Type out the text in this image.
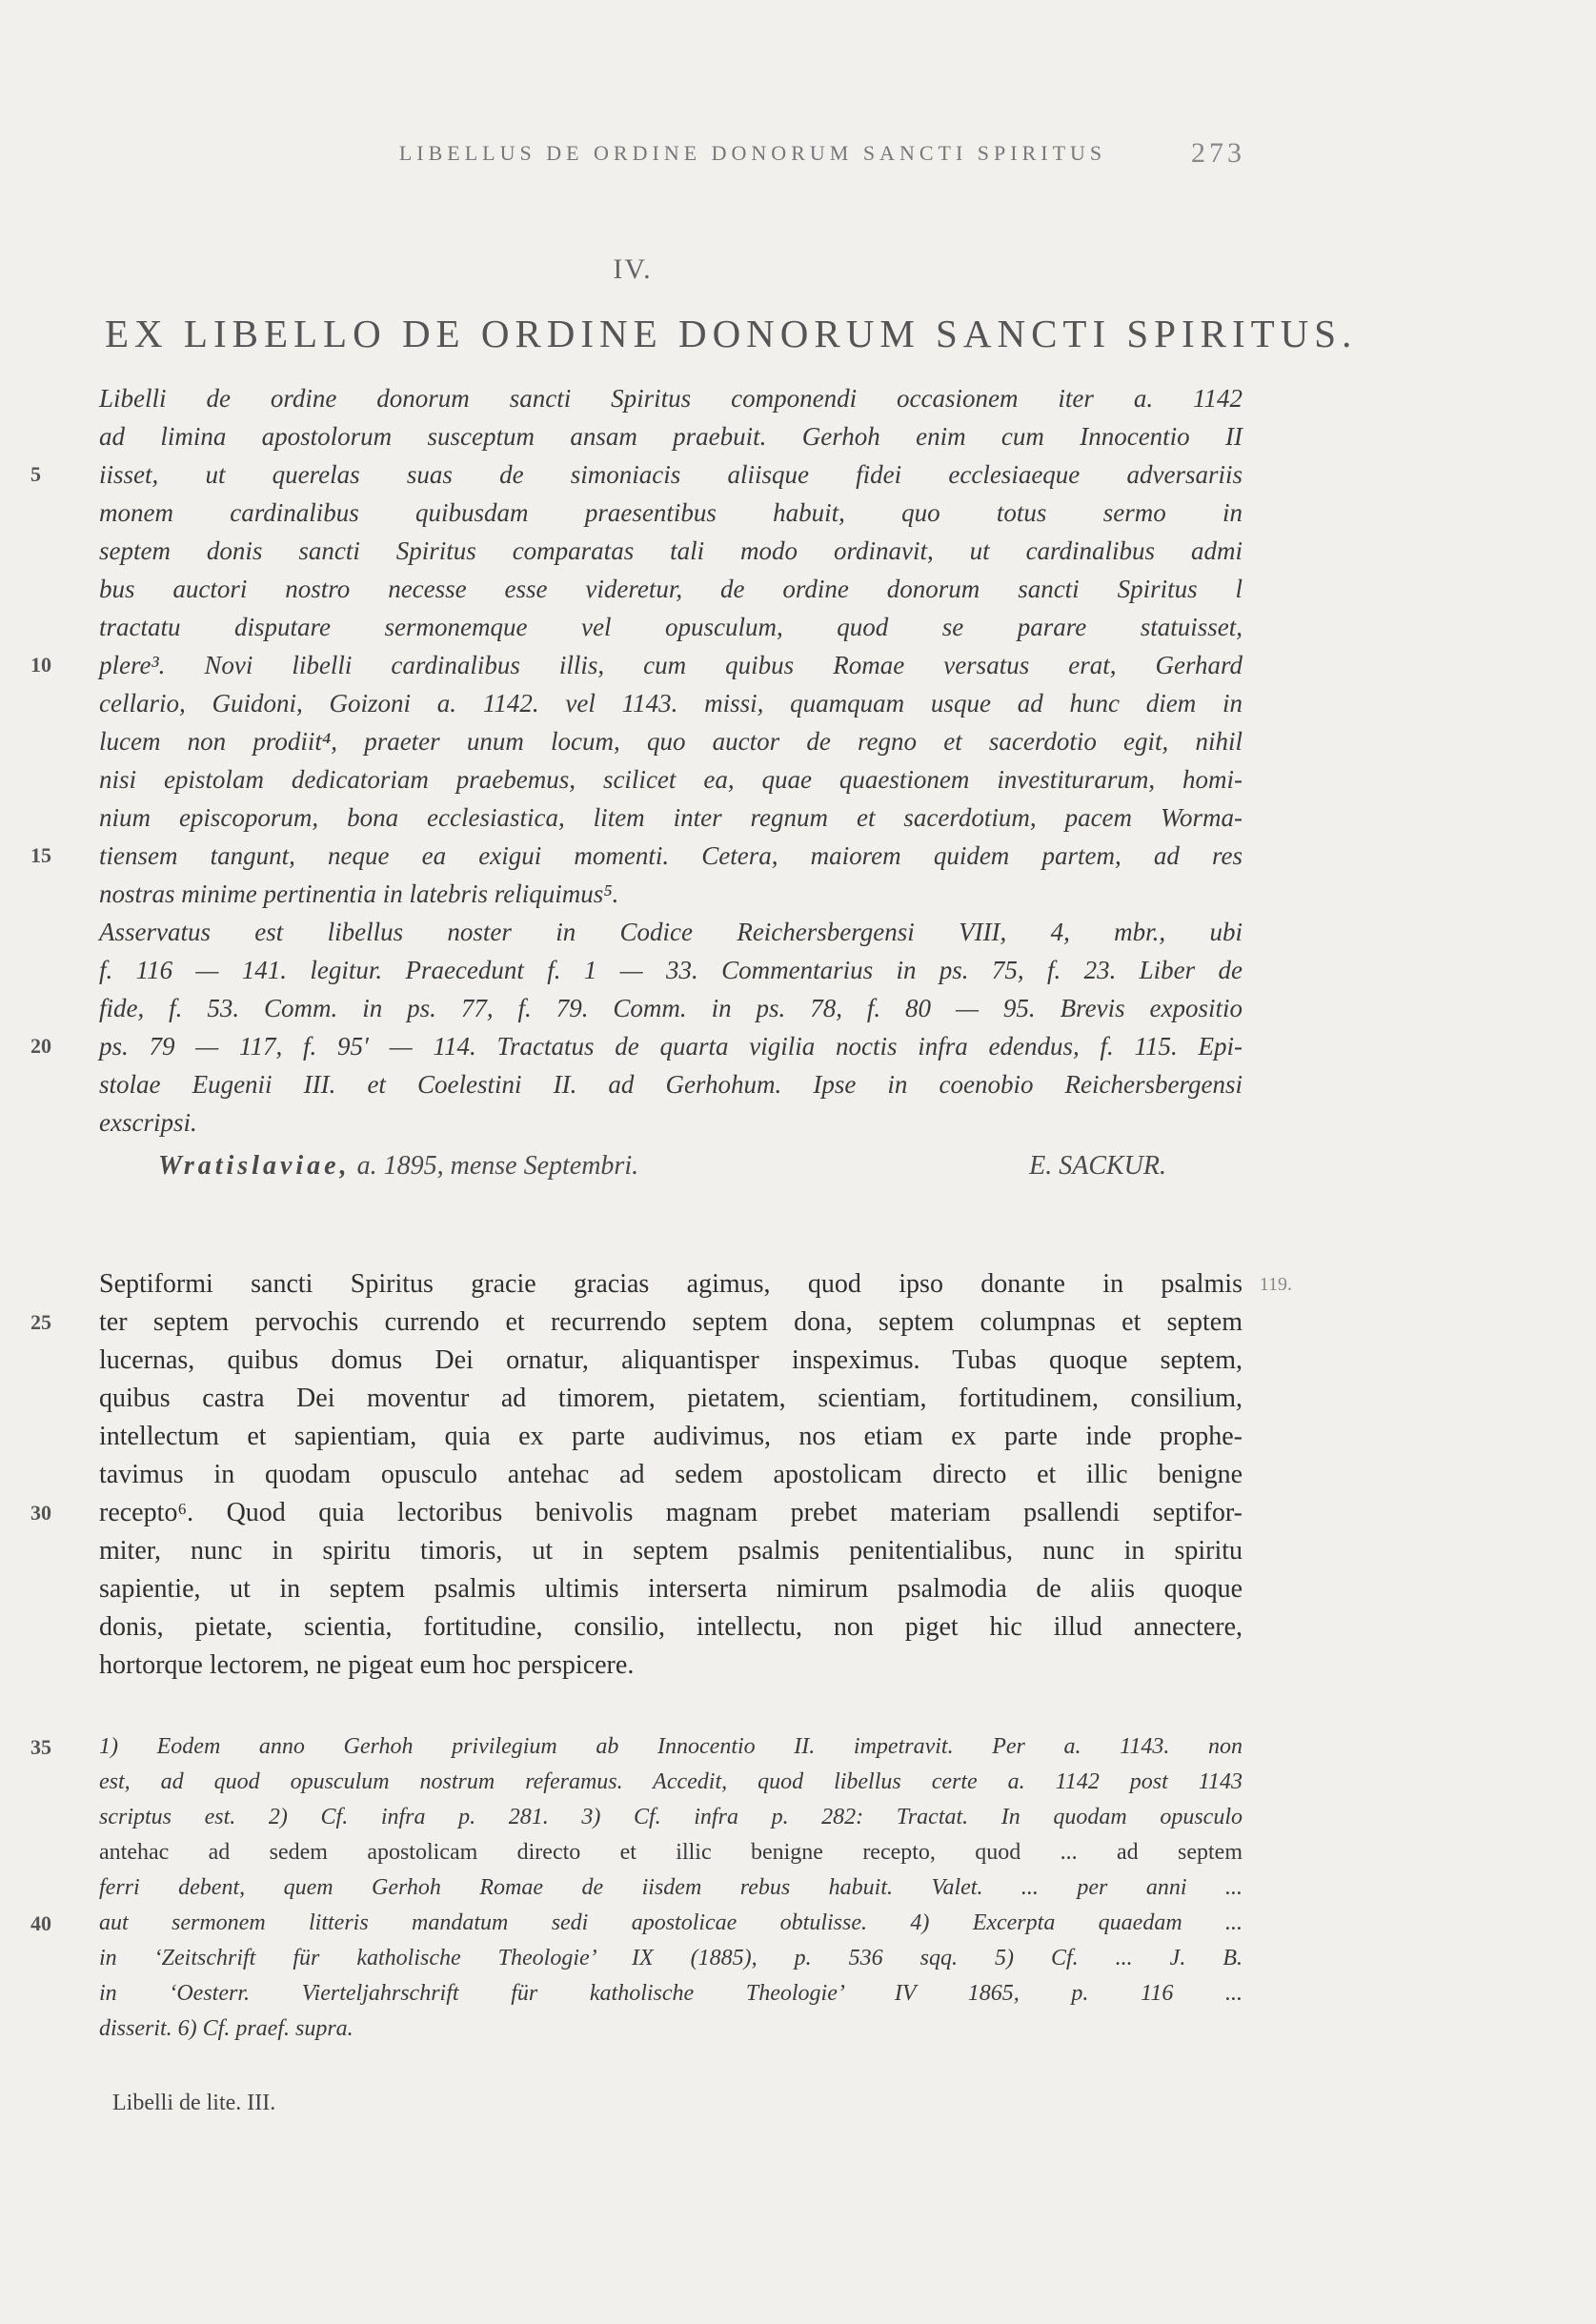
LIBELLUS DE ORDINE DONORUM SANCTI SPIRITUS	273
IV.
EX LIBELLO DE ORDINE DONORUM SANCTI SPIRITUS.
Libelli de ordine donorum sancti Spiritus componendi occasionem iter a. 1142
ad limina apostolorum susceptum ansam praebuit. Gerhoh enim cum Innocentio II
5	iisset, ut querelas suas de simoniacis aliisque fidei ecclesiaeque adversariis
monem cardinalibus quibusdam praesentibus habuit, quo totus sermo in
septem donis sancti Spiritus comparatas tali modo ordinavit, ut cardinalibus admi
bus auctori nostro necesse esse videretur, de ordine donorum sancti Spiritus l
tractatu disputare sermonemque vel opusculum, quod se parare statuisset,
10	plere³. Novi libelli cardinalibus illis, cum quibus Romae versatus erat, Gerhard
cellario, Guidoni, Goizoni a. 1142. vel 1143. missi, quamquam usque ad hunc diem in
lucem non prodiit⁴, praeter unum locum, quo auctor de regno et sacerdotio egit, nihil
nisi epistolam dedicatoriam praebemus, scilicet ea, quae quaestionem investiturarum, homi-
nium episcoporum, bona ecclesiastica, litem inter regnum et sacerdotium, pacem Worma-
15	tiensem tangunt, neque ea exigui momenti. Cetera, maiorem quidem partem, ad res
nostras minime pertinentia in latebris reliquimus⁵.
Asservatus est libellus noster in Codice Reichersbergensi VIII, 4, mbr., ubi
f. 116 — 141. legitur. Praecedunt f. 1 — 33. Commentarius in ps. 75, f. 23. Liber de
fide, f. 53. Comm. in ps. 77, f. 79. Comm. in ps. 78, f. 80 — 95. Brevis expositio
20	ps. 79 — 117, f. 95′ — 114. Tractatus de quarta vigilia noctis infra edendus, f. 115. Epi-
stolae Eugenii III. et Coelestini II. ad Gerhohum. Ipse in coenobio Reichersbergensi
exscripsi.
Wratislaviae, a. 1895, mense Septembri.	E. SACKUR.
Septiformi sancti Spiritus gracie gracias agimus, quod ipso donante in psalmis 119.
25	ter septem pervochis currendo et recurrendo septem dona, septem columpnas et septem
lucernas, quibus domus Dei ornatur, aliquantisper inspeximus. Tubas quoque septem,
quibus castra Dei moventur ad timorem, pietatem, scientiam, fortitudinem, consilium,
intellectum et sapientiam, quia ex parte audivimus, nos etiam ex parte inde prophe-
tavimus in quodam opusculo antehac ad sedem apostolicam directo et illic benigne
30	recepto⁶. Quod quia lectoribus benivolis magnam prebet materiam psallendi septifor-
miter, nunc in spiritu timoris, ut in septem psalmis penitentialibus, nunc in spiritu
sapientie, ut in septem psalmis ultimis interserta nimirum psalmodia de aliis quoque
donis, pietate, scientia, fortitudine, consilio, intellectu, non piget hic illud annectere,
hortorque lectorem, ne pigeat eum hoc perspicere.
35	1) Eodem anno Gerhoh privilegium ab Innocentio II. impetravit. Per a. 1143. non
est, ad quod opusculum nostrum referamus. Accedit, quod libellus certe a. 1142 post 1143
scriptus est. 2) Cf. infra p. 281. 3) Cf. infra p. 282: Tractat. In quodam opusculo
antehac ad sedem apostolicam directo et illic benigne recepto, quod ... ad septem
ferri debent, quem Gerhoh Romae de iisdem rebus habuit. Valet. ... per anni ...
40	aut sermonem litteris mandatum sedi apostolicae obtulisse. 4) Excerpta quaedam ...
in ‘Zeitschrift für katholische Theologie’ IX (1885), p. 536 sqq. 5) Cf. ... J. B.
in ‘Oesterr. Vierteljahrschrift für katholische Theologie’ IV 1865, p. 116 ...
disserit. 6) Cf. praef. supra.
Libelli de lite. III.
